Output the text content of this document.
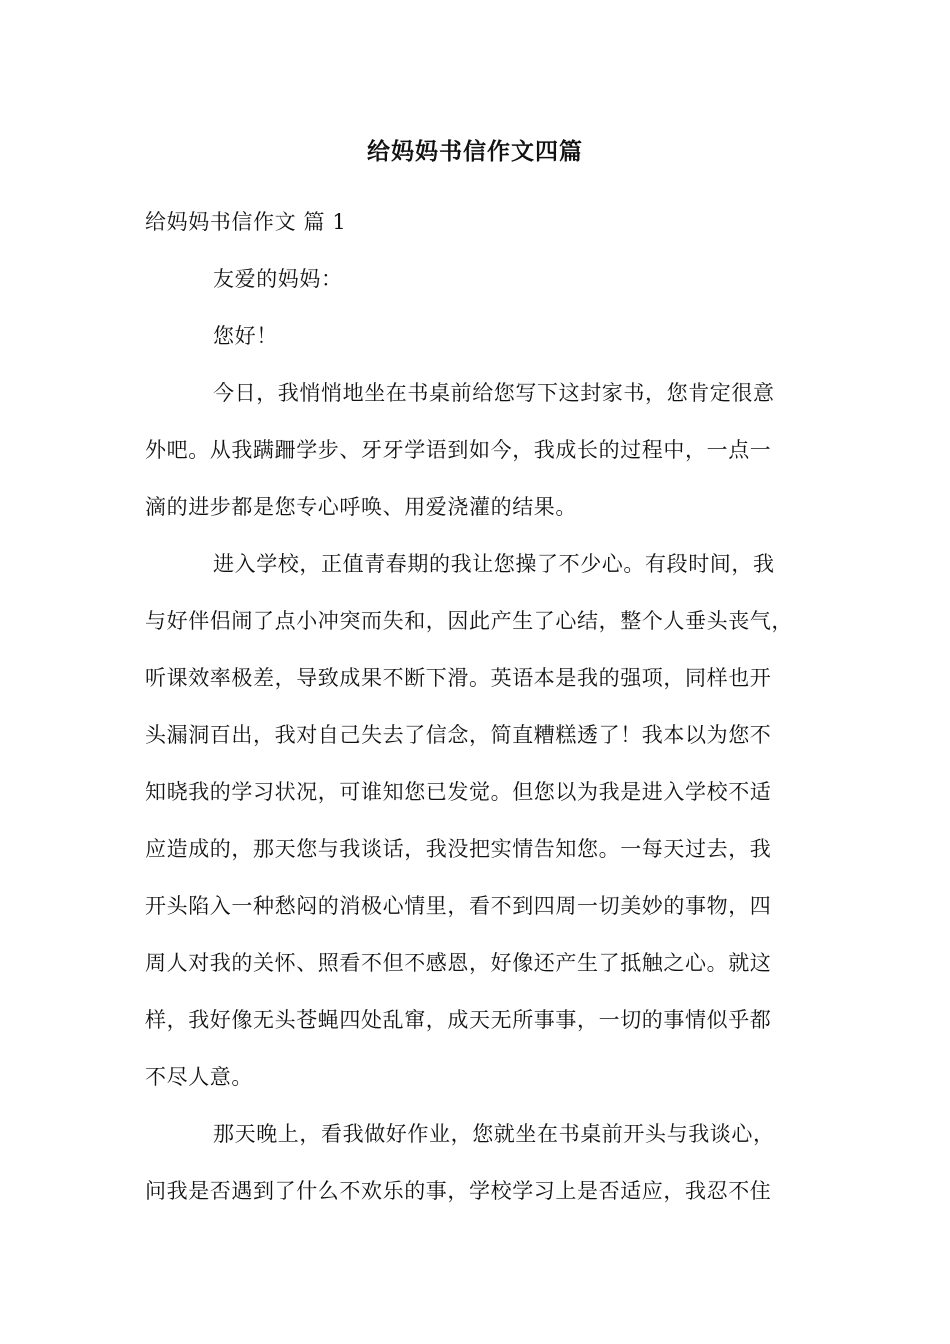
给妈妈书信作文四篇
给妈妈书信作文 篇 1
友爱的妈妈：
您好！
今日，我悄悄地坐在书桌前给您写下这封家书，您肯定很意
外吧。从我蹒跚学步、牙牙学语到如今，我成长的过程中，一点一
滴的进步都是您专心呼唤、用爱浇灌的结果。
进入学校，正值青春期的我让您操了不少心。有段时间，我
与好伴侣闹了点小冲突而失和，因此产生了心结，整个人垂头丧气，
听课效率极差，导致成果不断下滑。英语本是我的强项，同样也开
头漏洞百出，我对自己失去了信念，简直糟糕透了！我本以为您不
知晓我的学习状况，可谁知您已发觉。但您以为我是进入学校不适
应造成的，那天您与我谈话，我没把实情告知您。一每天过去，我
开头陷入一种愁闷的消极心情里，看不到四周一切美妙的事物，四
周人对我的关怀、照看不但不感恩，好像还产生了抵触之心。就这
样，我好像无头苍蝇四处乱窜，成天无所事事，一切的事情似乎都
不尽人意。
那天晚上，看我做好作业，您就坐在书桌前开头与我谈心，
问我是否遇到了什么不欢乐的事，学校学习上是否适应，我忍不住
